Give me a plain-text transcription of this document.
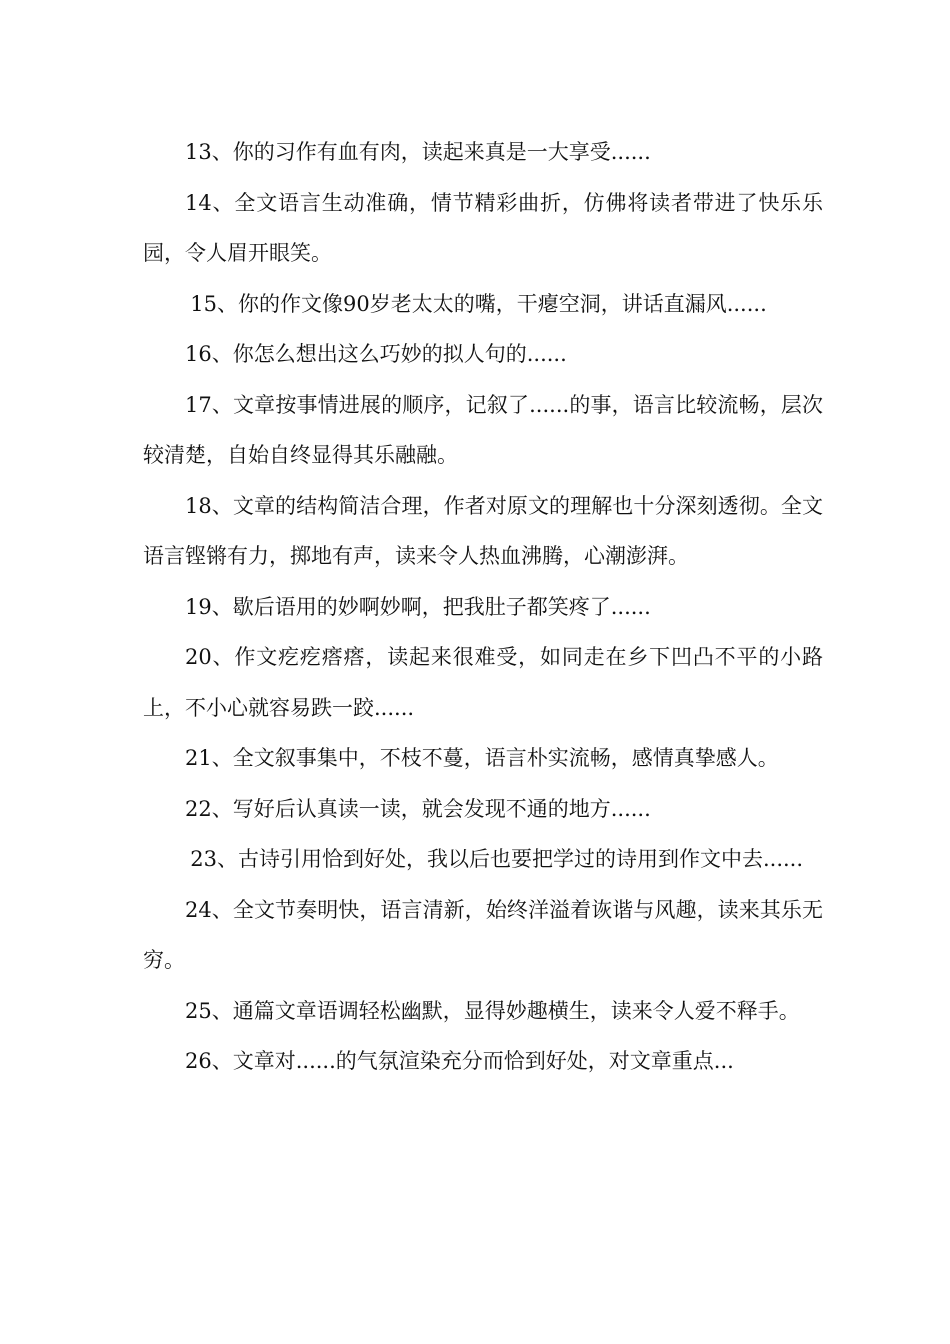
13、你的习作有血有肉，读起来真是一大享受......

14、全文语言生动准确，情节精彩曲折，仿佛将读者带进了快乐乐园，令人眉开眼笑。

15、你的作文像90岁老太太的嘴，干瘪空洞，讲话直漏风......

16、你怎么想出这么巧妙的拟人句的......

17、文章按事情进展的顺序，记叙了......的事，语言比较流畅，层次较清楚，自始自终显得其乐融融。

18、文章的结构简洁合理，作者对原文的理解也十分深刻透彻。全文语言铿锵有力，掷地有声，读来令人热血沸腾，心潮澎湃。

19、歇后语用的妙啊妙啊，把我肚子都笑疼了......

20、作文疙疙瘩瘩，读起来很难受，如同走在乡下凹凸不平的小路上，不小心就容易跌一跤......

21、全文叙事集中，不枝不蔓，语言朴实流畅，感情真挚感人。

22、写好后认真读一读，就会发现不通的地方......

23、古诗引用恰到好处，我以后也要把学过的诗用到作文中去......

24、全文节奏明快，语言清新，始终洋溢着诙谐与风趣，读来其乐无穷。

25、通篇文章语调轻松幽默，显得妙趣横生，读来令人爱不释手。

26、文章对......的气氛渲染充分而恰到好处，对文章重点...
